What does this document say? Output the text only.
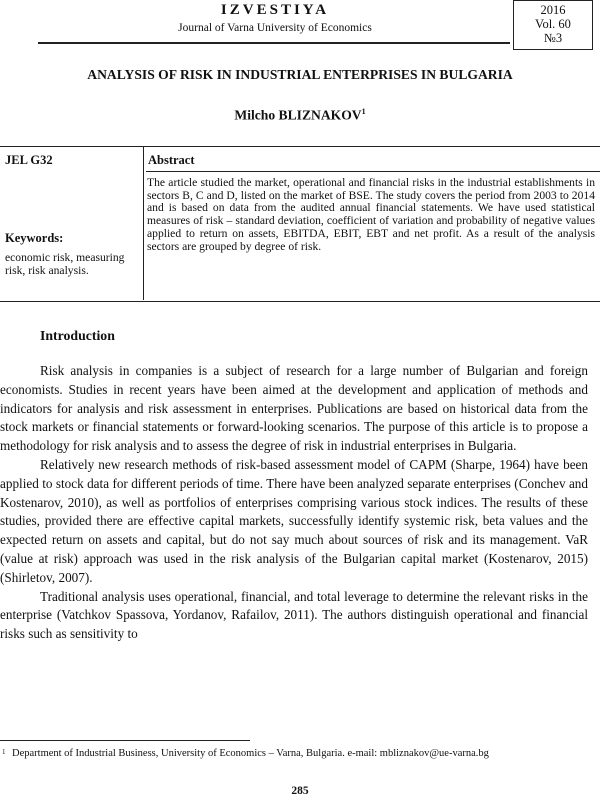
IZVESTIYA
Journal of Varna University of Economics
2016
Vol. 60
№3
ANALYSIS OF RISK IN INDUSTRIAL ENTERPRISES IN BULGARIA
Milcho BLIZNAKOV$^1$
JEL G32	Abstract
The article studied the market, operational and financial risks in the industrial establishments in sectors B, C and D, listed on the market of BSE. The study covers the period from 2003 to 2014 and is based on data from the audited annual financial statements. We have used statistical measures of risk – standard deviation, coefficient of variation and probability of negative values applied to return on assets, EBITDA, EBIT, EBT and net profit. As a result of the analysis sectors are grouped by degree of risk.
Keywords:
economic risk, measuring risk, risk analysis.
Introduction

Risk analysis in companies is a subject of research for a large number of Bulgarian and foreign economists. Studies in recent years have been aimed at the development and application of methods and indicators for analysis and risk assessment in enterprises. Publications are based on historical data from the stock markets or financial statements or forward-looking scenarios. The purpose of this article is to propose a methodology for risk analysis and to assess the degree of risk in industrial enterprises in Bulgaria.

Relatively new research methods of risk-based assessment model of CAPM (Sharpe, 1964) have been applied to stock data for different periods of time. There have been analyzed separate enterprises (Conchev and Kostenarov, 2010), as well as portfolios of enterprises comprising various stock indices. The results of these studies, provided there are effective capital markets, successfully identify systemic risk, beta values and the expected return on assets and capital, but do not say much about sources of risk and its management. VaR (value at risk) approach was used in the risk analysis of the Bulgarian capital market (Kostenarov, 2015) (Shirletov, 2007).

Traditional analysis uses operational, financial, and total leverage to determine the relevant risks in the enterprise (Vatchkov Spassova, Yordanov, Rafailov, 2011). The authors distinguish operational and financial risks such as sensitivity to

1 Department of Industrial Business, University of Economics – Varna, Bulgaria. e-mail: mbliznakov@ue-varna.bg
285
